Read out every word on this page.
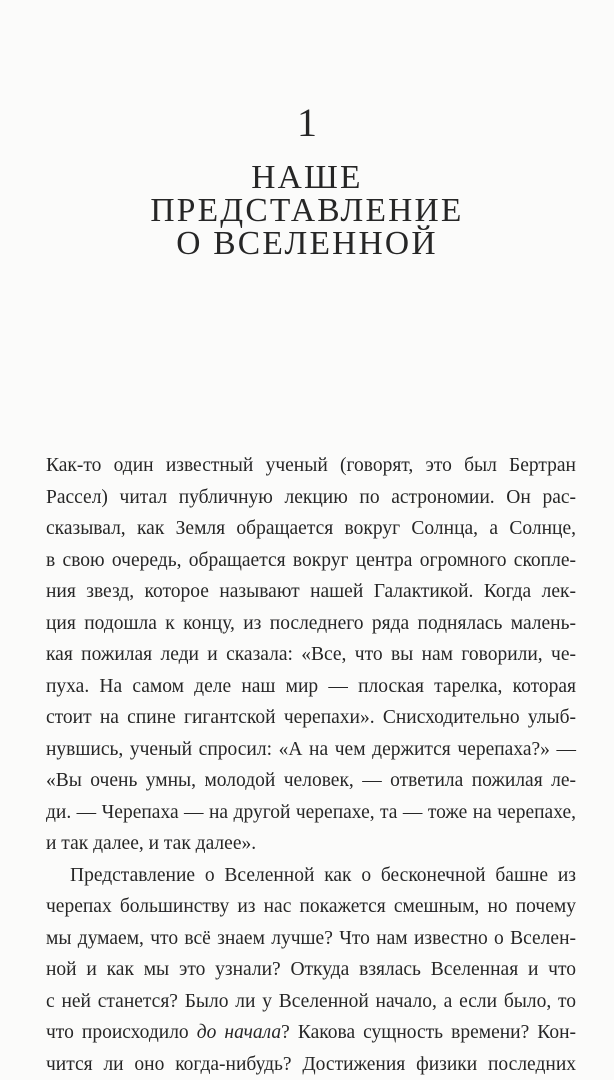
1
НАШЕ
ПРЕДСТАВЛЕНИЕ
О ВСЕЛЕННОЙ
Как-то один известный ученый (говорят, это был Бертран
Рассел) читал публичную лекцию по астрономии. Он рас-
сказывал, как Земля обращается вокруг Солнца, а Солнце,
в свою очередь, обращается вокруг центра огромного скопле-
ния звезд, которое называют нашей Галактикой. Когда лек-
ция подошла к концу, из последнего ряда поднялась малень-
кая пожилая леди и сказала: «Все, что вы нам говорили, че-
пуха. На самом деле наш мир — плоская тарелка, которая
стоит на спине гигантской черепахи». Снисходительно улыб-
нувшись, ученый спросил: «А на чем держится черепаха?» —
«Вы очень умны, молодой человек, — ответила пожилая ле-
ди. — Черепаха — на другой черепахе, та — тоже на черепахе,
и так далее, и так далее».
Представление о Вселенной как о бесконечной башне из
черепах большинству из нас покажется смешным, но почему
мы думаем, что всё знаем лучше? Что нам известно о Вселен-
ной и как мы это узнали? Откуда взялась Вселенная и что
с ней станется? Было ли у Вселенной начало, а если было, то
что происходило до начала? Какова сущность времени? Кон-
чится ли оно когда-нибудь? Достижения физики последних
